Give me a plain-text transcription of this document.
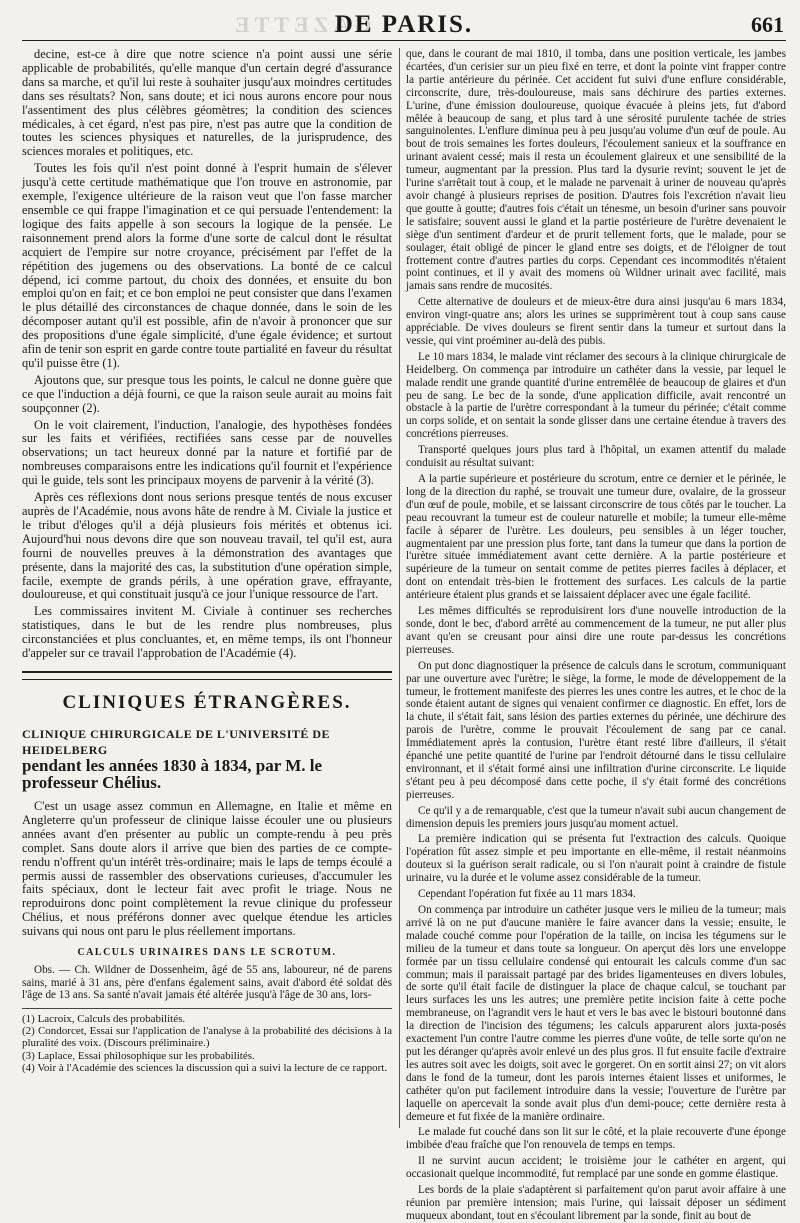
GAZETTE
DE PARIS.	661

decine, est-ce à dire que notre science n'a point aussi une série applicable de probabilités, qu'elle manque d'un certain degré d'assurance dans sa marche, et qu'il lui reste à souhaiter jusqu'aux moindres certitudes dans ses résultats? Non, sans doute; et ici nous aurons encore pour nous l'assentiment des plus célèbres géomètres; la condition des sciences médicales, à cet égard, n'est pas pire, n'est pas autre que la condition de toutes les sciences physiques et naturelles, de la jurisprudence, des sciences morales et politiques, etc.

Toutes les fois qu'il n'est point donné à l'esprit humain de s'élever jusqu'à cette certitude mathématique que l'on trouve en astronomie, par exemple, l'exigence ultérieure de la raison veut que l'on fasse marcher ensemble ce qui frappe l'imagination et ce qui persuade l'entendement: la logique des faits appelle à son secours la logique de la pensée. Le raisonnement prend alors la forme d'une sorte de calcul dont le résultat acquiert de l'empire sur notre croyance, précisément par l'effet de la répétition des jugemens ou des observations. La bonté de ce calcul dépend, ici comme partout, du choix des données, et ensuite du bon emploi qu'on en fait; et ce bon emploi ne peut consister que dans l'examen le plus détaillé des circonstances de chaque donnée, dans le soin de les décomposer autant qu'il est possible, afin de n'avoir à prononcer que sur des propositions d'une égale simplicité, d'une égale évidence; et surtout afin de tenir son esprit en garde contre toute partialité en faveur du résultat qu'il puisse être (1).

Ajoutons que, sur presque tous les points, le calcul ne donne guère que ce que l'induction a déjà fourni, ce que la raison seule aurait au moins fait soupçonner (2).

On le voit clairement, l'induction, l'analogie, des hypothèses fondées sur les faits et vérifiées, rectifiées sans cesse par de nouvelles observations; un tact heureux donné par la nature et fortifié par de nombreuses comparaisons entre les indications qu'il fournit et l'expérience qui le guide, tels sont les principaux moyens de parvenir à la vérité (3).

Après ces réflexions dont nous serions presque tentés de nous excuser auprès de l'Académie, nous avons hâte de rendre à M. Civiale la justice et le tribut d'éloges qu'il a déjà plusieurs fois mérités et obtenus ici. Aujourd'hui nous devons dire que son nouveau travail, tel qu'il est, aura fourni de nouvelles preuves à la démonstration des avantages que présente, dans la majorité des cas, la substitution d'une opération simple, facile, exempte de grands périls, à une opération grave, effrayante, douloureuse, et qui constituait jusqu'à ce jour l'unique ressource de l'art.

Les commissaires invitent M. Civiale à continuer ses recherches statistiques, dans le but de les rendre plus nombreuses, plus circonstanciées et plus concluantes, et, en même temps, ils ont l'honneur d'appeler sur ce travail l'approbation de l'Académie (4).

CLINIQUES ÉTRANGÈRES.
CLINIQUE CHIRURGICALE DE L'UNIVERSITÉ DE HEIDELBERG
pendant les années 1830 à 1834, par M. le professeur Chélius.

C'est un usage assez commun en Allemagne, en Italie et même en Angleterre qu'un professeur de clinique laisse écouler une ou plusieurs années avant d'en présenter au public un compte-rendu à peu près complet. Sans doute alors il arrive que bien des parties de ce compte-rendu n'offrent qu'un intérêt très-ordinaire; mais le laps de temps écoulé a permis aussi de rassembler des observations curieuses, d'accumuler les faits spéciaux, dont le lecteur fait avec profit le triage. Nous ne reproduirons donc point complètement la revue clinique du professeur Chélius, et nous préférons donner avec quelque étendue les articles suivans qui nous ont paru le plus réellement importans.

CALCULS URINAIRES DANS LE SCROTUM.

Obs. — Ch. Wildner de Dossenheim, âgé de 55 ans, laboureur, né de parens sains, marié à 31 ans, père d'enfans également sains, avait d'abord été soldat dès l'âge de 13 ans. Sa santé n'avait jamais été altérée jusqu'à l'âge de 30 ans, lors-

(1) Lacroix, Calculs des probabilités.

(2) Condorcet, Essai sur l'application de l'analyse à la probabilité des décisions à la pluralité des voix. (Discours préliminaire.)

(3) Laplace, Essai philosophique sur les probabilités.

(4) Voir à l'Académie des sciences la discussion qui a suivi la lecture de ce rapport.

que, dans le courant de mai 1810, il tomba, dans une position verticale, les jambes écartées, d'un cerisier sur un pieu fixé en terre, et dont la pointe vint frapper contre la partie antérieure du périnée. Cet accident fut suivi d'une enflure considérable, circonscrite, dure, très-douloureuse, mais sans déchirure des parties externes. L'urine, d'une émission douloureuse, quoique évacuée à pleins jets, fut d'abord mêlée à beaucoup de sang, et plus tard à une sérosité purulente tachée de stries sanguinolentes. L'enflure diminua peu à peu jusqu'au volume d'un œuf de poule. Au bout de trois semaines les fortes douleurs, l'écoulement sanieux et la souffrance en urinant avaient cessé; mais il resta un écoulement glaireux et une sensibilité de la tumeur, augmentant par la pression. Plus tard la dysurie revint; souvent le jet de l'urine s'arrêtait tout à coup, et le malade ne parvenait à uriner de nouveau qu'après avoir changé à plusieurs reprises de position. D'autres fois l'excrétion n'avait lieu que goutte à goutte; d'autres fois c'était un ténesme, un besoin d'uriner sans pouvoir le satisfaire; souvent aussi le gland et la partie postérieure de l'urètre devenaient le siège d'un sentiment d'ardeur et de prurit tellement forts, que le malade, pour se soulager, était obligé de pincer le gland entre ses doigts, et de l'éloigner de tout frottement contre d'autres parties du corps. Cependant ces incommodités n'étaient point continues, et il y avait des momens où Wildner urinait avec facilité, mais jamais sans rendre de mucosités.

Cette alternative de douleurs et de mieux-être dura ainsi jusqu'au 6 mars 1834, environ vingt-quatre ans; alors les urines se supprimèrent tout à coup sans cause appréciable. De vives douleurs se firent sentir dans la tumeur et surtout dans la vessie, qui vint proéminer au-delà des pubis.

Le 10 mars 1834, le malade vint réclamer des secours à la clinique chirurgicale de Heidelberg. On commença par introduire un cathéter dans la vessie, par lequel le malade rendit une grande quantité d'urine entremêlée de beaucoup de glaires et d'un peu de sang. Le bec de la sonde, d'une application difficile, avait rencontré un obstacle à la partie de l'urètre correspondant à la tumeur du périnée; c'était comme un corps solide, et on sentait la sonde glisser dans une certaine étendue à travers des concrétions pierreuses.

Transporté quelques jours plus tard à l'hôpital, un examen attentif du malade conduisit au résultat suivant:

A la partie supérieure et postérieure du scrotum, entre ce dernier et le périnée, le long de la direction du raphé, se trouvait une tumeur dure, ovalaire, de la grosseur d'un œuf de poule, mobile, et se laissant circonscrire de tous côtés par le toucher. La peau recouvrant la tumeur est de couleur naturelle et mobile; la tumeur elle-même facile à séparer de l'urètre. Les douleurs, peu sensibles à un léger toucher, augmentaient par une pression plus forte, tant dans la tumeur que dans la portion de l'urètre située immédiatement avant cette dernière. A la partie postérieure et supérieure de la tumeur on sentait comme de petites pierres faciles à déplacer, et dont on entendait très-bien le frottement des surfaces. Les calculs de la partie antérieure étaient plus grands et se laissaient déplacer avec une égale facilité.

Les mêmes difficultés se reproduisirent lors d'une nouvelle introduction de la sonde, dont le bec, d'abord arrêté au commencement de la tumeur, ne put aller plus avant qu'en se creusant pour ainsi dire une route par-dessus les concrétions pierreuses.

On put donc diagnostiquer la présence de calculs dans le scrotum, communiquant par une ouverture avec l'urètre; le siège, la forme, le mode de développement de la tumeur, le frottement manifeste des pierres les unes contre les autres, et le choc de la sonde étaient autant de signes qui venaient confirmer ce diagnostic. En effet, lors de la chute, il s'était fait, sans lésion des parties externes du périnée, une déchirure des parois de l'urètre, comme le prouvait l'écoulement de sang par ce canal. Immédiatement après la contusion, l'urètre étant resté libre d'ailleurs, il s'était épanché une petite quantité de l'urine par l'endroit détourné dans le tissu cellulaire environnant, et il s'était formé ainsi une infiltration d'urine circonscrite. Le liquide s'étant peu à peu décomposé dans cette poche, il s'y était formé des concrétions pierreuses.

Ce qu'il y a de remarquable, c'est que la tumeur n'avait subi aucun changement de dimension depuis les premiers jours jusqu'au moment actuel.

La première indication qui se présenta fut l'extraction des calculs. Quoique l'opération fût assez simple et peu importante en elle-même, il restait néanmoins douteux si la guérison serait radicale, ou si l'on n'aurait point à craindre de fistule urinaire, vu la durée et le volume assez considérable de la tumeur.

Cependant l'opération fut fixée au 11 mars 1834.

On commença par introduire un cathéter jusque vers le milieu de la tumeur; mais arrivé là on ne put d'aucune manière le faire avancer dans la vessie; ensuite, le malade couché comme pour l'opération de la taille, on incisa les tégumens sur le milieu de la tumeur et dans toute sa longueur. On aperçut dès lors une enveloppe formée par un tissu cellulaire condensé qui entourait les calculs comme d'un sac commun; mais il paraissait partagé par des brides ligamenteuses en divers lobules, de sorte qu'il était facile de distinguer la place de chaque calcul, se touchant par leurs surfaces les uns les autres; une première petite incision faite à cette poche membraneuse, on l'agrandit vers le haut et vers le bas avec le bistouri boutonné dans la direction de l'incision des tégumens; les calculs apparurent alors juxta-posés exactement l'un contre l'autre comme les pierres d'une voûte, de telle sorte qu'on ne put les déranger qu'après avoir enlevé un des plus gros. Il fut ensuite facile d'extraire les autres soit avec les doigts, soit avec le gorgeret. On en sortit ainsi 27; on vit alors dans le fond de la tumeur, dont les parois internes étaient lisses et uniformes, le cathéter qu'on put facilement introduire dans la vessie; l'ouverture de l'urètre par laquelle on apercevait la sonde avait plus d'un demi-pouce; cette dernière resta à demeure et fut fixée de la manière ordinaire.

Le malade fut couché dans son lit sur le côté, et la plaie recouverte d'une éponge imbibée d'eau fraîche que l'on renouvela de temps en temps.

Il ne survint aucun accident; le troisième jour le cathéter en argent, qui occasionait quelque incommodité, fut remplacé par une sonde en gomme élastique.

Les bords de la plaie s'adaptèrent si parfaitement qu'on parut avoir affaire à une réunion par première intension; mais l'urine, qui laissait déposer un sédiment muqueux abondant, tout en s'écoulant librement par la sonde, finit au bout de
